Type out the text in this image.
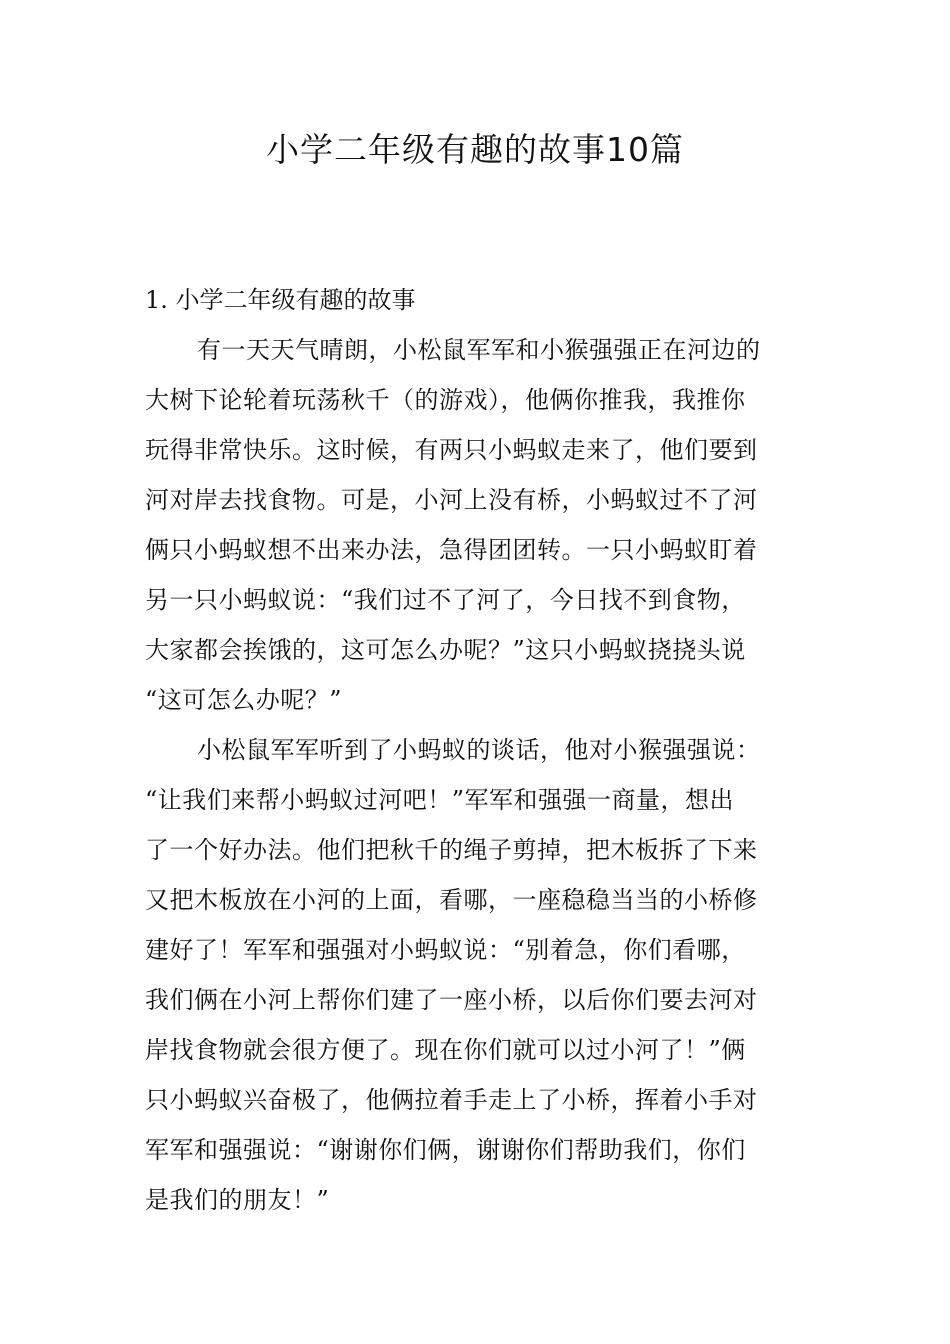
小学二年级有趣的故事10篇
1. 小学二年级有趣的故事
有一天天气晴朗，小松鼠军军和小猴强强正在河边的
大树下论轮着玩荡秋千（的游戏），他俩你推我，我推你
玩得非常快乐。这时候，有两只小蚂蚁走来了，他们要到
河对岸去找食物。可是，小河上没有桥，小蚂蚁过不了河
俩只小蚂蚁想不出来办法，急得团团转。一只小蚂蚁盯着
另一只小蚂蚁说：“我们过不了河了，今日找不到食物，
大家都会挨饿的，这可怎么办呢？”这只小蚂蚁挠挠头说
“这可怎么办呢？”
小松鼠军军听到了小蚂蚁的谈话，他对小猴强强说：
“让我们来帮小蚂蚁过河吧！”军军和强强一商量，想出
了一个好办法。他们把秋千的绳子剪掉，把木板拆了下来
又把木板放在小河的上面，看哪，一座稳稳当当的小桥修
建好了！军军和强强对小蚂蚁说：“别着急，你们看哪，
我们俩在小河上帮你们建了一座小桥，以后你们要去河对
岸找食物就会很方便了。现在你们就可以过小河了！”俩
只小蚂蚁兴奋极了，他俩拉着手走上了小桥，挥着小手对
军军和强强说：“谢谢你们俩，谢谢你们帮助我们，你们
是我们的朋友！”
